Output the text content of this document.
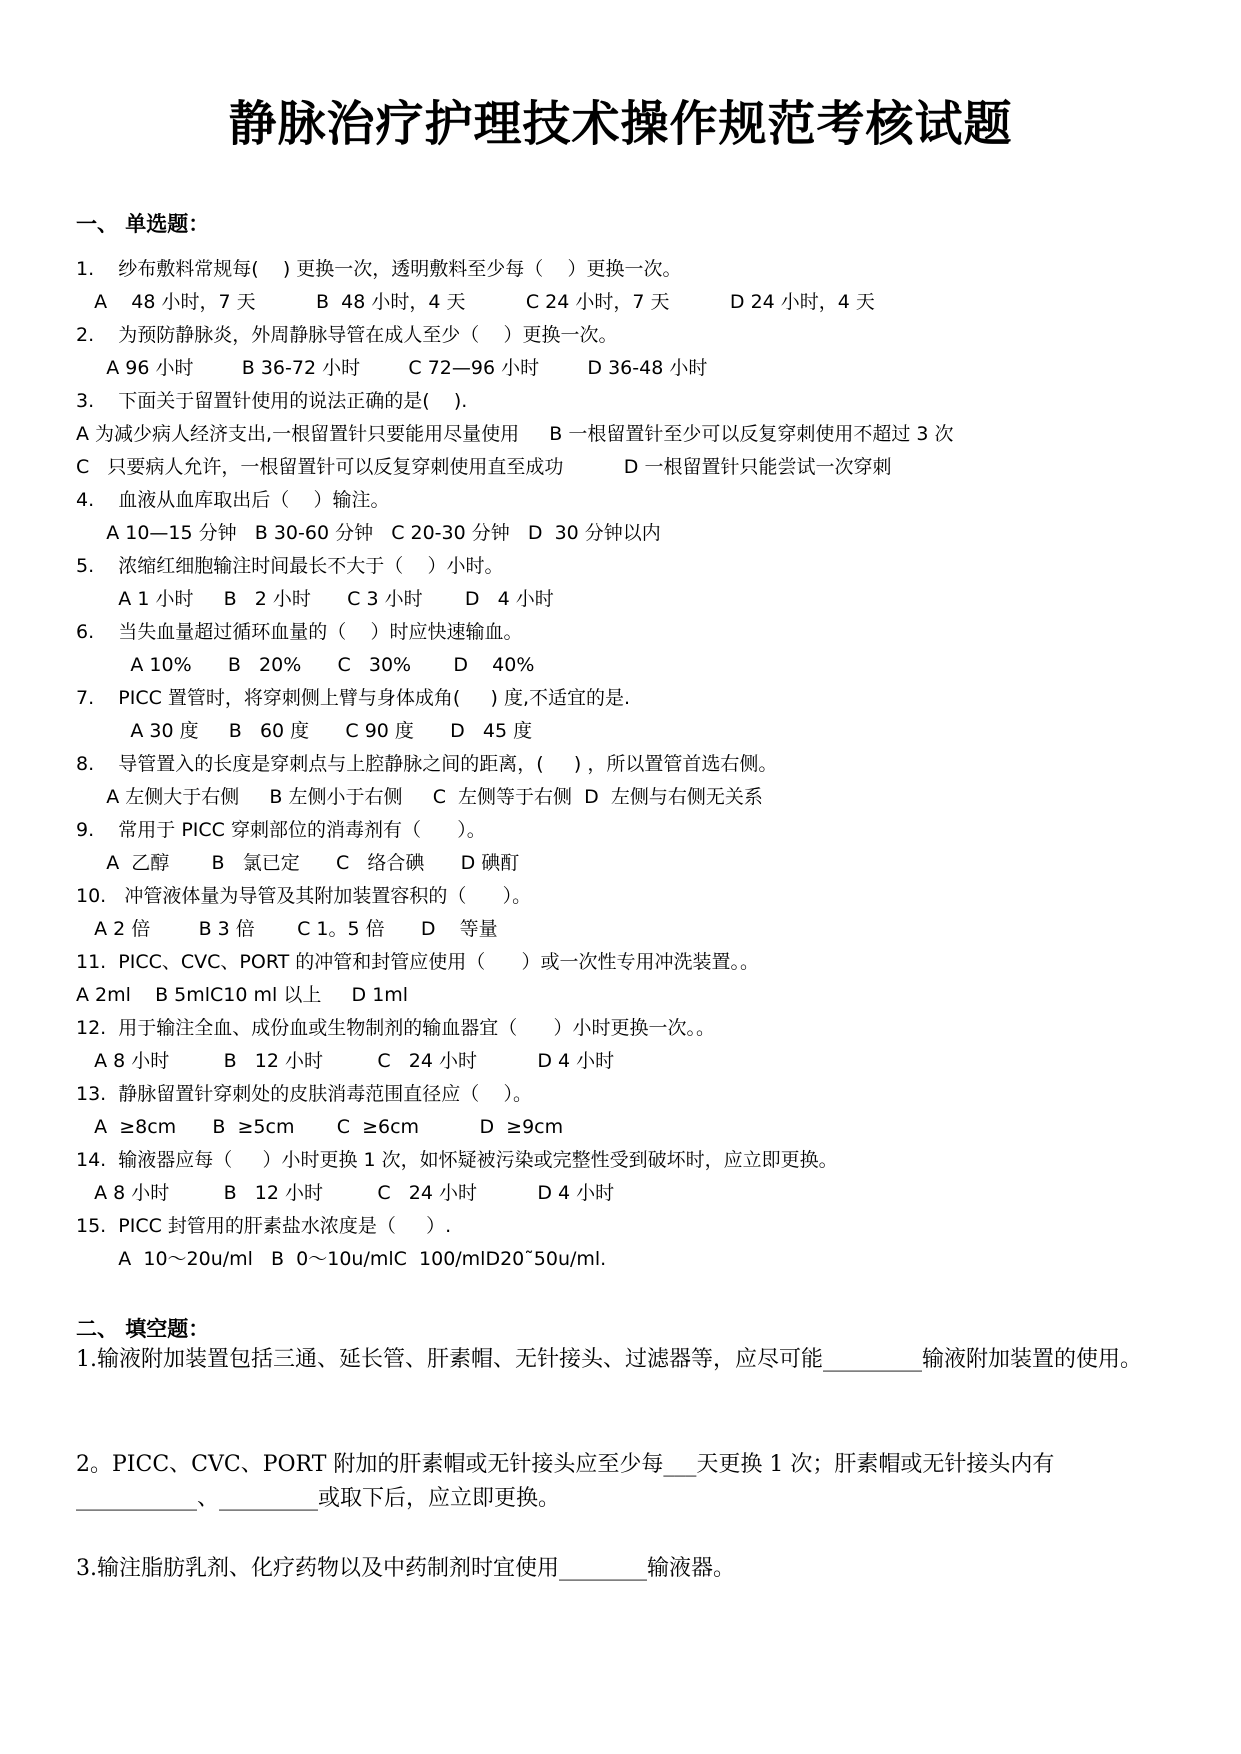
静脉治疗护理技术操作规范考核试题
一、 单选题：
1.    纱布敷料常规每(    ) 更换一次，透明敷料至少每（    ）更换一次。
A    48 小时，7 天          B  48 小时，4 天          C 24 小时，7 天          D 24 小时，4 天
2.    为预防静脉炎，外周静脉导管在成人至少（    ）更换一次。
A 96 小时        B 36-72 小时        C 72—96 小时        D 36-48 小时
3.    下面关于留置针使用的说法正确的是(    ).
A 为减少病人经济支出,一根留置针只要能用尽量使用     B 一根留置针至少可以反复穿刺使用不超过 3 次
C   只要病人允许，一根留置针可以反复穿刺使用直至成功          D 一根留置针只能尝试一次穿刺
4.    血液从血库取出后（    ）输注。
A 10—15 分钟   B 30-60 分钟   C 20-30 分钟   D  30 分钟以内
5.    浓缩红细胞输注时间最长不大于（    ）小时。
A 1 小时     B   2 小时      C 3 小时       D   4 小时
6.    当失血量超过循环血量的（    ）时应快速输血。
A 10%      B   20%      C   30%       D    40%
7.    PICC 置管时，将穿刺侧上臂与身体成角(     ) 度,不适宜的是.
A 30 度     B   60 度      C 90 度      D   45 度
8.    导管置入的长度是穿刺点与上腔静脉之间的距离，(     ) ，所以置管首选右侧。
A 左侧大于右侧     B 左侧小于右侧     C  左侧等于右侧  D  左侧与右侧无关系
9.    常用于 PICC 穿刺部位的消毒剂有（      ）。
A  乙醇       B   氯已定      C   络合碘      D 碘酊
10.   冲管液体量为导管及其附加装置容积的（      ）。
A 2 倍        B 3 倍       C 1。5 倍      D    等量
11.  PICC、CVC、PORT 的冲管和封管应使用（      ）或一次性专用冲洗装置。。
A 2ml    B 5mlC10 ml 以上     D 1ml
12.  用于输注全血、成份血或生物制剂的输血器宜（      ）小时更换一次。。
A 8 小时         B   12 小时         C   24 小时          D 4 小时
13.  静脉留置针穿刺处的皮肤消毒范围直径应（    ）。
A  ≥8cm      B  ≥5cm       C  ≥6cm          D  ≥9cm
14.  输液器应每（     ）小时更换 1 次，如怀疑被污染或完整性受到破坏时，应立即更换。
A 8 小时         B   12 小时         C   24 小时          D 4 小时
15.  PICC 封管用的肝素盐水浓度是（     ）.
A  10～20u/ml   B  0～10u/mlC  100/mlD20˜50u/ml.
二、 填空题：
1.输液附加装置包括三通、延长管、肝素帽、无针接头、过滤器等，应尽可能_________输液附加装置的使用。
2。PICC、CVC、PORT 附加的肝素帽或无针接头应至少每___天更换 1 次；肝素帽或无针接头内有___________、_________或取下后，应立即更换。
3.输注脂肪乳剂、化疗药物以及中药制剂时宜使用________输液器。
